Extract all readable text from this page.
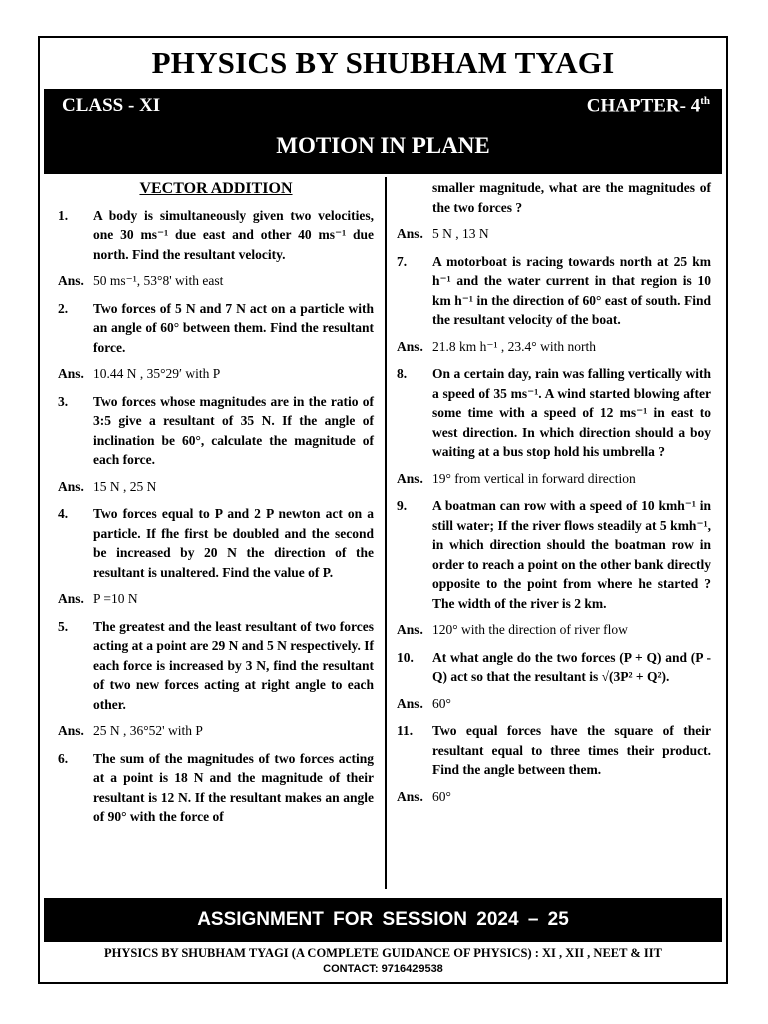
PHYSICS BY SHUBHAM TYAGI
CLASS - XI	CHAPTER- 4th
MOTION IN PLANE
VECTOR ADDITION
1.	A body is simultaneously given two velocities, one 30 ms⁻¹ due east and other 40 ms⁻¹ due north. Find the resultant velocity.
Ans. 50 ms⁻¹, 53°8' with east
2.	Two forces of 5 N and 7 N act on a particle with an angle of 60° between them. Find the resultant force.
Ans. 10.44 N , 35°29′ with P
3.	Two forces whose magnitudes are in the ratio of 3:5 give a resultant of 35 N. If the angle of inclination be 60°, calculate the magnitude of each force.
Ans. 15 N , 25 N
4.	Two forces equal to P and 2 P newton act on a particle. If fhe first be doubled and the second be increased by 20 N the direction of the resultant is unaltered. Find the value of P.
Ans. P =10 N
5.	The greatest and the least resultant of two forces acting at a point are 29 N and 5 N respectively. If each force is increased by 3 N, find the resultant of two new forces acting at right angle to each other.
Ans. 25 N , 36°52' with P
6.	The sum of the magnitudes of two forces acting at a point is 18 N and the magnitude of their resultant is 12 N. If the resultant makes an angle of 90° with the force of
smaller magnitude, what are the magnitudes of the two forces ?
Ans. 5 N , 13 N
7.	A motorboat is racing towards north at 25 km h⁻¹ and the water current in that region is 10 km h⁻¹ in the direction of 60° east of south. Find the resultant velocity of the boat.
Ans. 21.8 km h⁻¹ , 23.4° with north
8.	On a certain day, rain was falling vertically with a speed of 35 ms⁻¹. A wind started blowing after some time with a speed of 12 ms⁻¹ in east to west direction. In which direction should a boy waiting at a bus stop hold his umbrella ?
Ans. 19° from vertical in forward direction
9.	A boatman can row with a speed of 10 kmh⁻¹ in still water; If the river flows steadily at 5 kmh⁻¹, in which direction should the boatman row in order to reach a point on the other bank directly opposite to the point from where he started ? The width of the river is 2 km.
Ans. 120° with the direction of river flow
10.	At what angle do the two forces (P + Q) and (P - Q) act so that the resultant is √(3P² + Q²).
Ans. 60°
11.	Two equal forces have the square of their resultant equal to three times their product. Find the angle between them.
Ans. 60°
ASSIGNMENT FOR SESSION 2024 – 25
PHYSICS BY SHUBHAM TYAGI (A COMPLETE GUIDANCE OF PHYSICS) : XI , XII , NEET & IIT
CONTACT: 9716429538
